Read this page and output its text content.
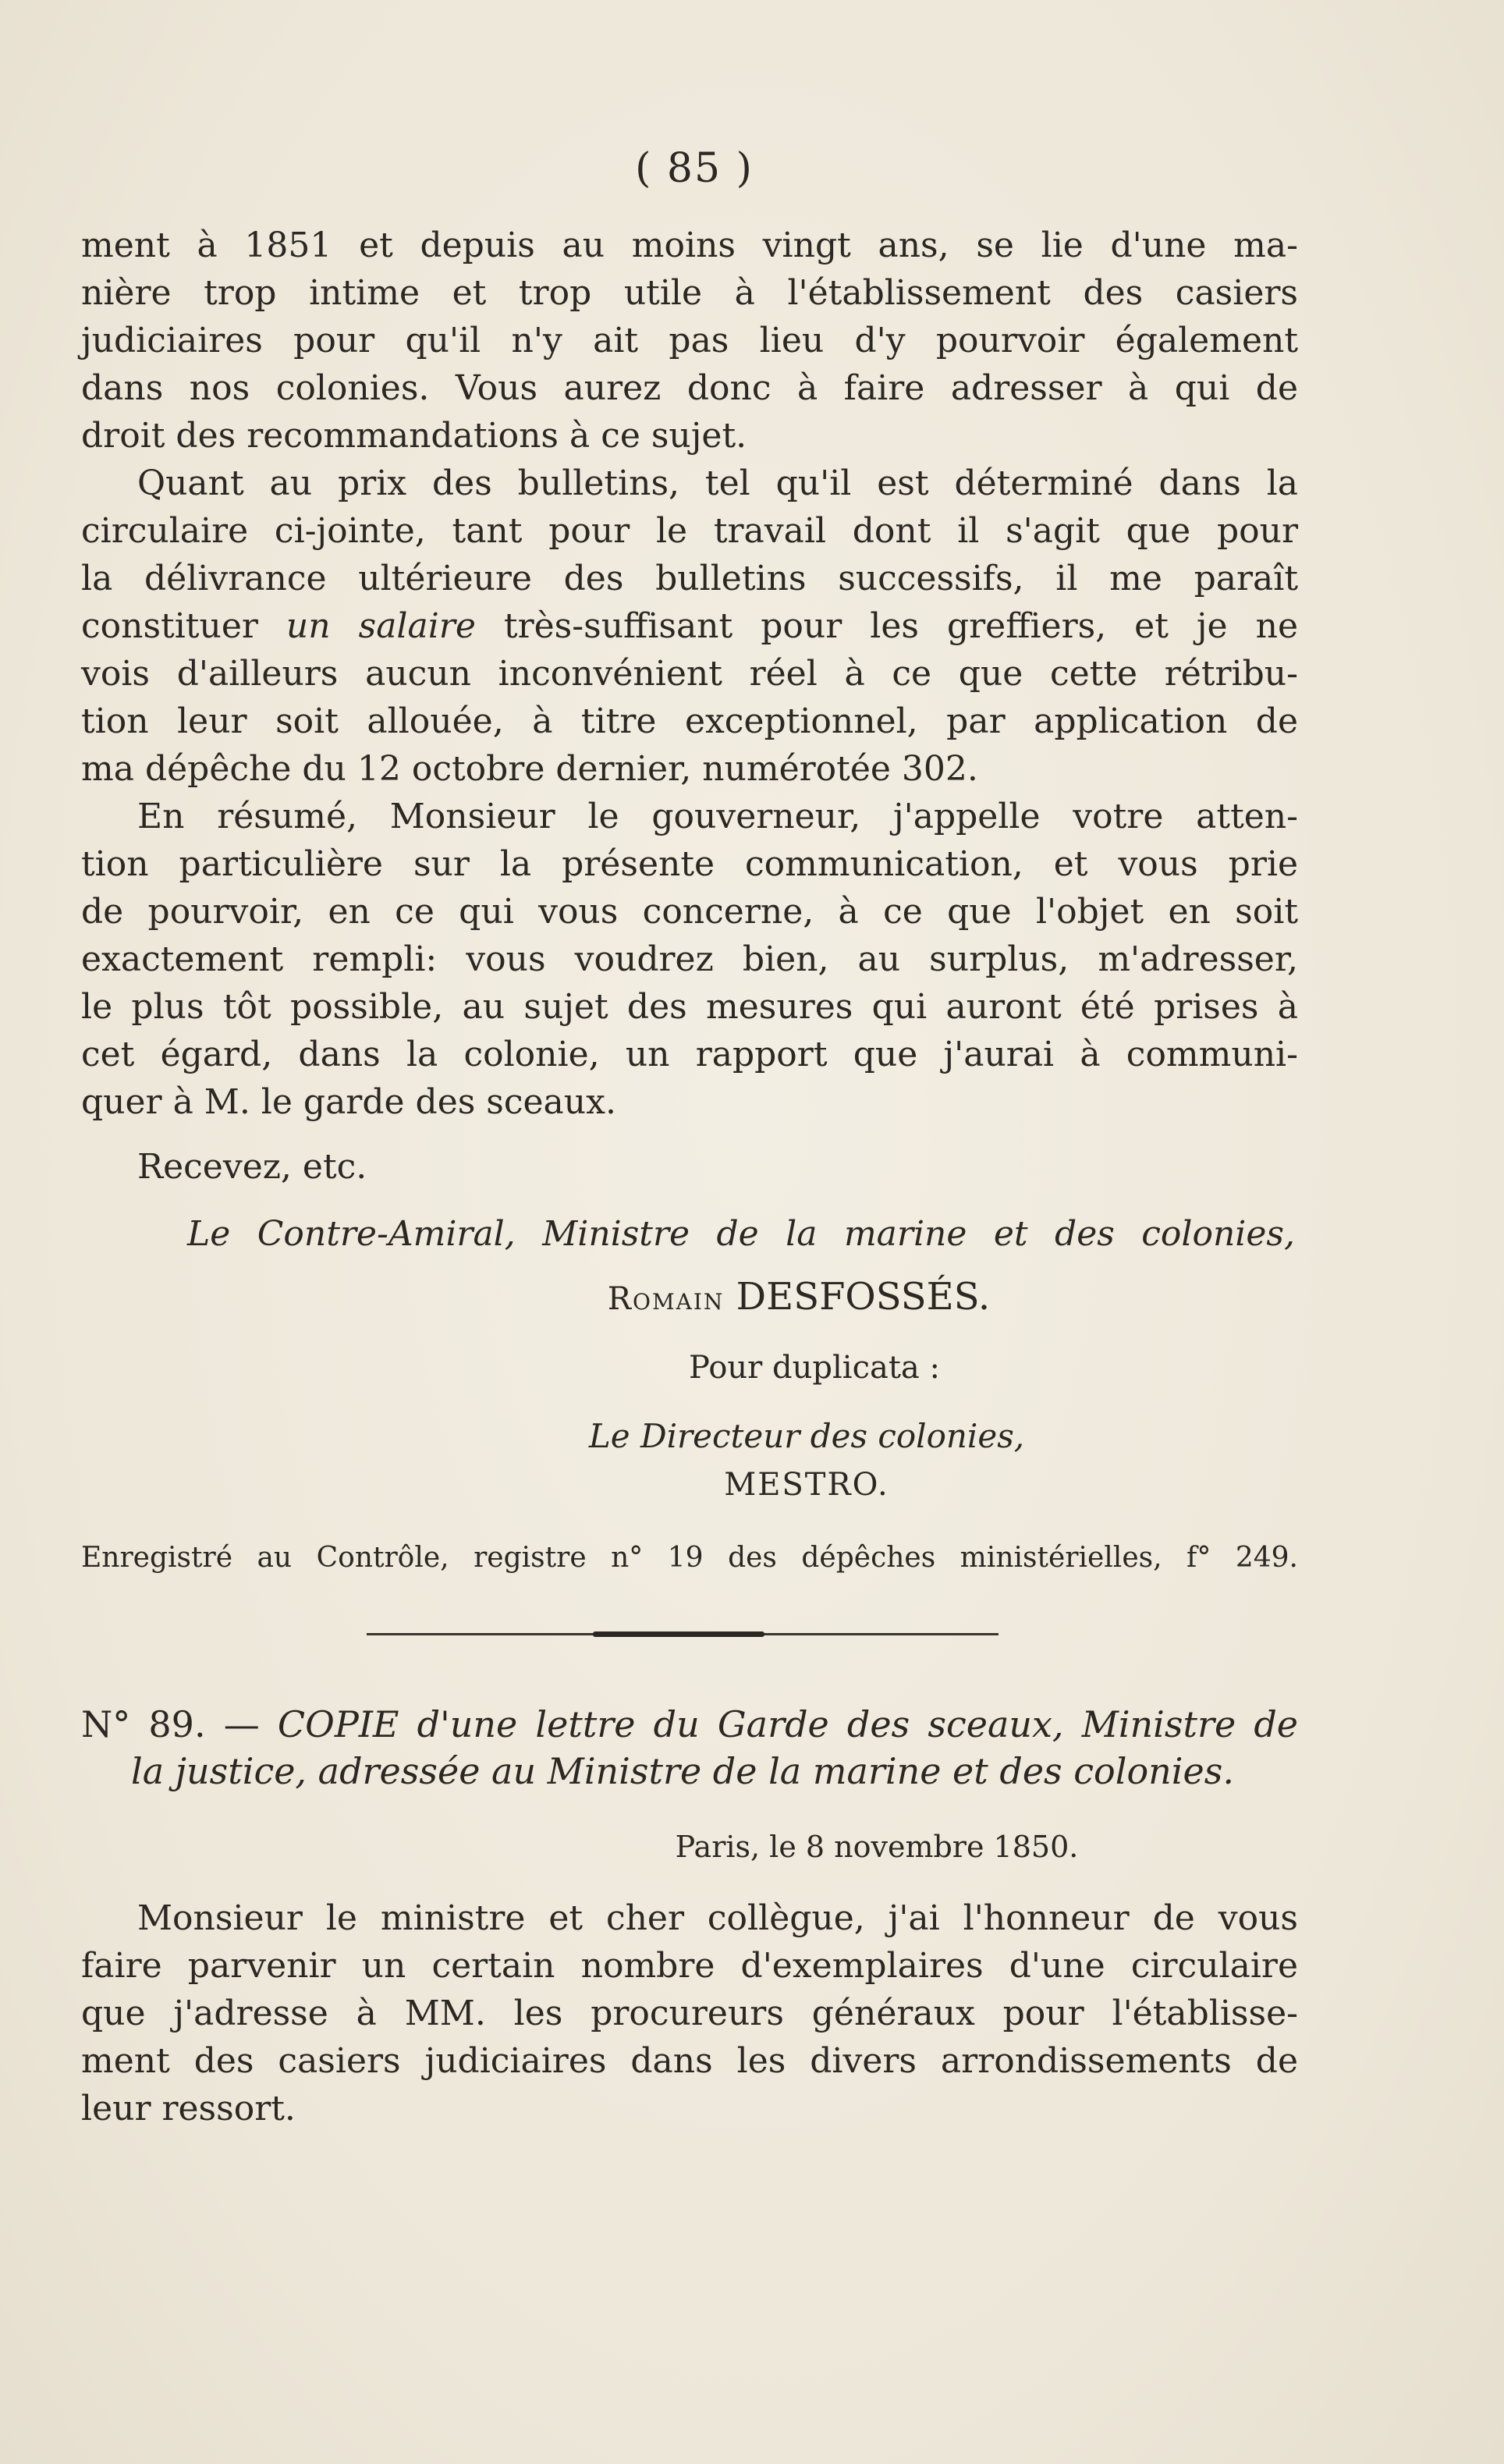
( 85 )
ment à 1851 et depuis au moins vingt ans, se lie d'une ma-
nière trop intime et trop utile à l'établissement des casiers
judiciaires pour qu'il n'y ait pas lieu d'y pourvoir également
dans nos colonies. Vous aurez donc à faire adresser à qui de
droit des recommandations à ce sujet.
Quant au prix des bulletins, tel qu'il est déterminé dans la
circulaire ci-jointe, tant pour le travail dont il s'agit que pour
la délivrance ultérieure des bulletins successifs, il me paraît
constituer un salaire très-suffisant pour les greffiers, et je ne
vois d'ailleurs aucun inconvénient réel à ce que cette rétribu-
tion leur soit allouée, à titre exceptionnel, par application de
ma dépêche du 12 octobre dernier, numérotée 302.
En résumé, Monsieur le gouverneur, j'appelle votre atten-
tion particulière sur la présente communication, et vous prie
de pourvoir, en ce qui vous concerne, à ce que l'objet en soit
exactement rempli: vous voudrez bien, au surplus, m'adresser,
le plus tôt possible, au sujet des mesures qui auront été prises à
cet égard, dans la colonie, un rapport que j'aurai à communi-
quer à M. le garde des sceaux.
Recevez, etc.
Le Contre-Amiral, Ministre de la marine et des colonies,
Romain DESFOSSÉS.
Pour duplicata :
Le Directeur des colonies,
MESTRO.
Enregistré au Contrôle, registre n° 19 des dépêches ministérielles, f° 249.
N° 89. — COPIE d'une lettre du Garde des sceaux, Ministre de
la justice, adressée au Ministre de la marine et des colonies.
Paris, le 8 novembre 1850.
Monsieur le ministre et cher collègue, j'ai l'honneur de vous
faire parvenir un certain nombre d'exemplaires d'une circulaire
que j'adresse à MM. les procureurs généraux pour l'établisse-
ment des casiers judiciaires dans les divers arrondissements de
leur ressort.
